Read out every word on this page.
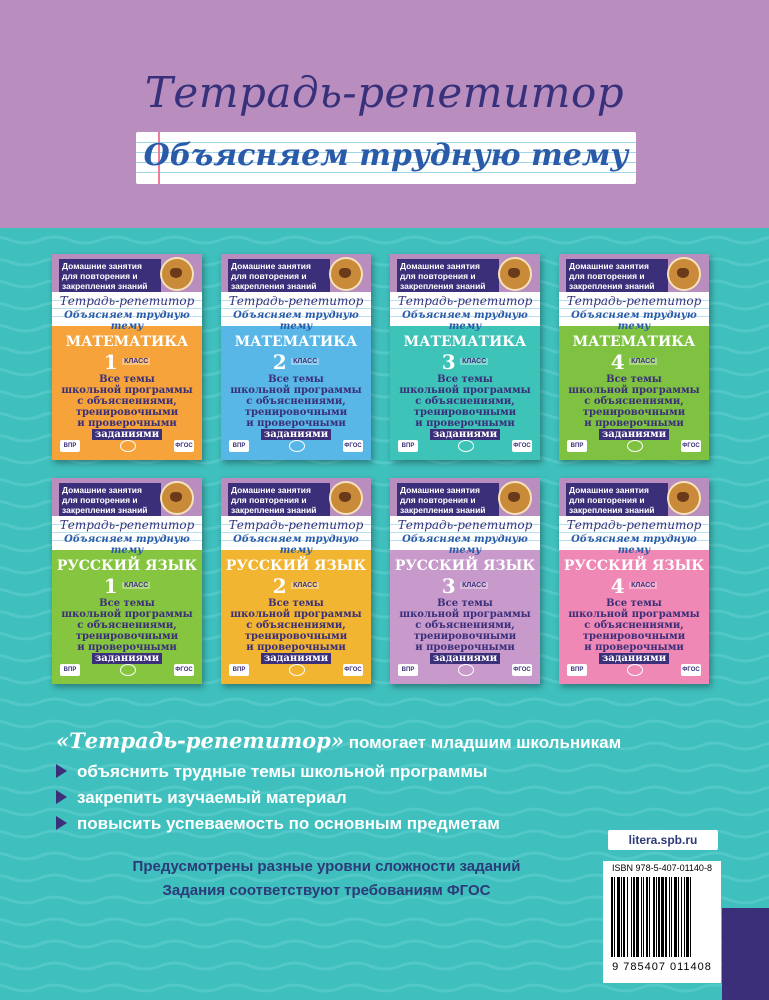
Тетрадь-репетитор
Объясняем трудную тему
Домашние занятия для повторения и закрепления знаний
Тетрадь-репетитор
Объясняем трудную тему
МАТЕМАТИКА
1 $^{КЛАСС}$
Все темы
школьной программы
с объяснениями,
тренировочными
и проверочными
заданиями
ВПР	ФГОС
Домашние занятия для повторения и закрепления знаний
Тетрадь-репетитор
Объясняем трудную тему
МАТЕМАТИКА
2 $^{КЛАСС}$
Все темы
школьной программы
с объяснениями,
тренировочными
и проверочными
заданиями
ВПР	ФГОС
Домашние занятия для повторения и закрепления знаний
Тетрадь-репетитор
Объясняем трудную тему
МАТЕМАТИКА
3 $^{КЛАСС}$
Все темы
школьной программы
с объяснениями,
тренировочными
и проверочными
заданиями
ВПР	ФГОС
Домашние занятия для повторения и закрепления знаний
Тетрадь-репетитор
Объясняем трудную тему
МАТЕМАТИКА
4 $^{КЛАСС}$
Все темы
школьной программы
с объяснениями,
тренировочными
и проверочными
заданиями
ВПР	ФГОС
Домашние занятия для повторения и закрепления знаний
Тетрадь-репетитор
Объясняем трудную тему
РУССКИЙ ЯЗЫК
1 $^{КЛАСС}$
Все темы
школьной программы
с объяснениями,
тренировочными
и проверочными
заданиями
ВПР	ФГОС
Домашние занятия для повторения и закрепления знаний
Тетрадь-репетитор
Объясняем трудную тему
РУССКИЙ ЯЗЫК
2 $^{КЛАСС}$
Все темы
школьной программы
с объяснениями,
тренировочными
и проверочными
заданиями
ВПР	ФГОС
Домашние занятия для повторения и закрепления знаний
Тетрадь-репетитор
Объясняем трудную тему
РУССКИЙ ЯЗЫК
3 $^{КЛАСС}$
Все темы
школьной программы
с объяснениями,
тренировочными
и проверочными
заданиями
ВПР	ФГОС
Домашние занятия для повторения и закрепления знаний
Тетрадь-репетитор
Объясняем трудную тему
РУССКИЙ ЯЗЫК
4 $^{КЛАСС}$
Все темы
школьной программы
с объяснениями,
тренировочными
и проверочными
заданиями
ВПР	ФГОС
«Тетрадь-репетитор» помогает младшим школьникам
объяснить трудные темы школьной программы
закрепить изучаемый материал
повысить успеваемость по основным предметам
Предусмотрены разные уровни сложности заданий
Задания соответствуют требованиям ФГОС
litera.spb.ru
ISBN 978-5-407-01140-8
9 785407 011408
